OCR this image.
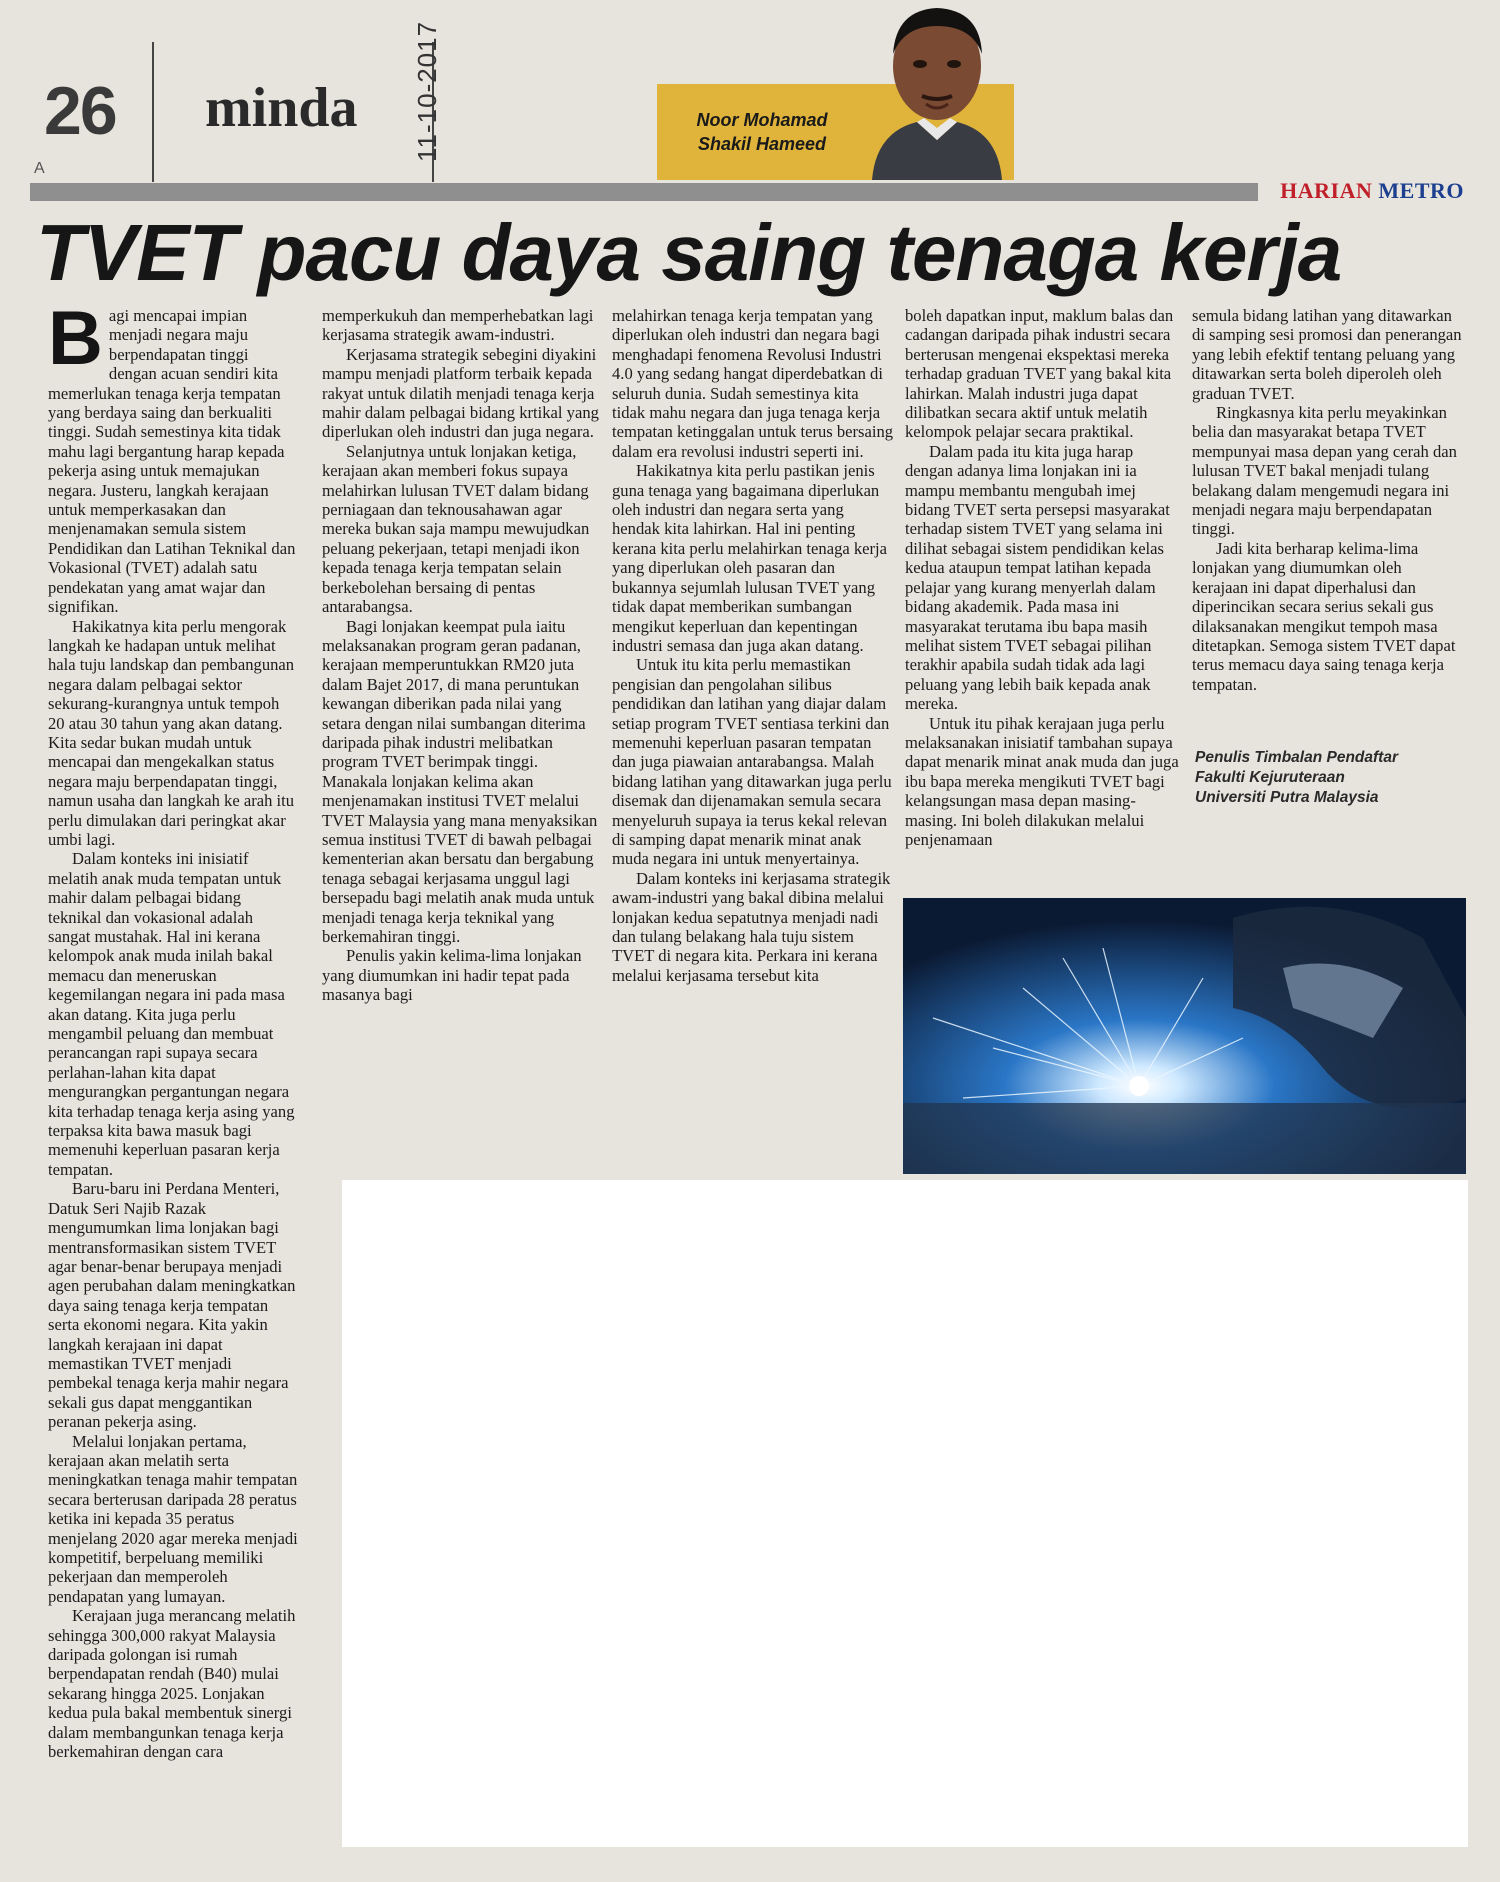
26
A
minda 11-10-2017	Noor Mohamad
Shakil Hameed
HARIAN METRO
TVET pacu daya saing tenaga kerja
B agi mencapai impian menjadi negara maju berpendapatan tinggi dengan acuan sendiri kita memerlukan tenaga kerja tempatan yang berdaya saing dan berkualiti tinggi. Sudah semestinya kita tidak mahu lagi bergantung harap kepada pekerja asing untuk memajukan negara. Justeru, langkah kerajaan untuk memperkasakan dan menjenamakan semula sistem Pendidikan dan Latihan Teknikal dan Vokasional (TVET) adalah satu pendekatan yang amat wajar dan signifikan.

Hakikatnya kita perlu mengorak langkah ke hadapan untuk melihat hala tuju landskap dan pembangunan negara dalam pelbagai sektor sekurang-kurangnya untuk tempoh 20 atau 30 tahun yang akan datang. Kita sedar bukan mudah untuk mencapai dan mengekalkan status negara maju berpendapatan tinggi, namun usaha dan langkah ke arah itu perlu dimulakan dari peringkat akar umbi lagi.

Dalam konteks ini inisiatif melatih anak muda tempatan untuk mahir dalam pelbagai bidang teknikal dan vokasional adalah sangat mustahak. Hal ini kerana kelompok anak muda inilah bakal memacu dan meneruskan kegemilangan negara ini pada masa akan datang. Kita juga perlu mengambil peluang dan membuat perancangan rapi supaya secara perlahan-lahan kita dapat mengurangkan pergantungan negara kita terhadap tenaga kerja asing yang terpaksa kita bawa masuk bagi memenuhi keperluan pasaran kerja tempatan.

Baru-baru ini Perdana Menteri, Datuk Seri Najib Razak mengumumkan lima lonjakan bagi mentransformasikan sistem TVET agar benar-benar berupaya menjadi agen perubahan dalam meningkatkan daya saing tenaga kerja tempatan serta ekonomi negara. Kita yakin langkah kerajaan ini dapat memastikan TVET menjadi pembekal tenaga kerja mahir negara sekali gus dapat menggantikan peranan pekerja asing.

Melalui lonjakan pertama, kerajaan akan melatih serta meningkatkan tenaga mahir tempatan secara berterusan daripada 28 peratus ketika ini kepada 35 peratus menjelang 2020 agar mereka menjadi kompetitif, berpeluang memiliki pekerjaan dan memperoleh pendapatan yang lumayan.

Kerajaan juga merancang melatih sehingga 300,000 rakyat Malaysia daripada golongan isi rumah berpendapatan rendah (B40) mulai sekarang hingga 2025. Lonjakan kedua pula bakal membentuk sinergi dalam membangunkan tenaga kerja berkemahiran dengan cara

memperkukuh dan memperhebatkan lagi kerjasama strategik awam-industri.

Kerjasama strategik sebegini diyakini mampu menjadi platform terbaik kepada rakyat untuk dilatih menjadi tenaga kerja mahir dalam pelbagai bidang krtikal yang diperlukan oleh industri dan juga negara.

Selanjutnya untuk lonjakan ketiga, kerajaan akan memberi fokus supaya melahirkan lulusan TVET dalam bidang perniagaan dan teknousahawan agar mereka bukan saja mampu mewujudkan peluang pekerjaan, tetapi menjadi ikon kepada tenaga kerja tempatan selain berkebolehan bersaing di pentas antarabangsa.

Bagi lonjakan keempat pula iaitu melaksanakan program geran padanan, kerajaan memperuntukkan RM20 juta dalam Bajet 2017, di mana peruntukan kewangan diberikan pada nilai yang setara dengan nilai sumbangan diterima daripada pihak industri melibatkan program TVET berimpak tinggi. Manakala lonjakan kelima akan menjenamakan institusi TVET melalui TVET Malaysia yang mana menyaksikan semua institusi TVET di bawah pelbagai kementerian akan bersatu dan bergabung tenaga sebagai kerjasama unggul lagi bersepadu bagi melatih anak muda untuk menjadi tenaga kerja teknikal yang berkemahiran tinggi.

Penulis yakin kelima-lima lonjakan yang diumumkan ini hadir tepat pada masanya bagi

melahirkan tenaga kerja tempatan yang diperlukan oleh industri dan negara bagi menghadapi fenomena Revolusi Industri 4.0 yang sedang hangat diperdebatkan di seluruh dunia. Sudah semestinya kita tidak mahu negara dan juga tenaga kerja tempatan ketinggalan untuk terus bersaing dalam era revolusi industri seperti ini.

Hakikatnya kita perlu pastikan jenis guna tenaga yang bagaimana diperlukan oleh industri dan negara serta yang hendak kita lahirkan. Hal ini penting kerana kita perlu melahirkan tenaga kerja yang diperlukan oleh pasaran dan bukannya sejumlah lulusan TVET yang tidak dapat memberikan sumbangan mengikut keperluan dan kepentingan industri semasa dan juga akan datang.

Untuk itu kita perlu memastikan pengisian dan pengolahan silibus pendidikan dan latihan yang diajar dalam setiap program TVET sentiasa terkini dan memenuhi keperluan pasaran tempatan dan juga piawaian antarabangsa. Malah bidang latihan yang ditawarkan juga perlu disemak dan dijenamakan semula secara menyeluruh supaya ia terus kekal relevan di samping dapat menarik minat anak muda negara ini untuk menyertainya.

Dalam konteks ini kerjasama strategik awam-industri yang bakal dibina melalui lonjakan kedua sepatutnya menjadi nadi dan tulang belakang hala tuju sistem TVET di negara kita. Perkara ini kerana melalui kerjasama tersebut kita

boleh dapatkan input, maklum balas dan cadangan daripada pihak industri secara berterusan mengenai ekspektasi mereka terhadap graduan TVET yang bakal kita lahirkan. Malah industri juga dapat dilibatkan secara aktif untuk melatih kelompok pelajar secara praktikal.

Dalam pada itu kita juga harap dengan adanya lima lonjakan ini ia mampu membantu mengubah imej bidang TVET serta persepsi masyarakat terhadap sistem TVET yang selama ini dilihat sebagai sistem pendidikan kelas kedua ataupun tempat latihan kepada pelajar yang kurang menyerlah dalam bidang akademik. Pada masa ini masyarakat terutama ibu bapa masih melihat sistem TVET sebagai pilihan terakhir apabila sudah tidak ada lagi peluang yang lebih baik kepada anak mereka.

Untuk itu pihak kerajaan juga perlu melaksanakan inisiatif tambahan supaya dapat menarik minat anak muda dan juga ibu bapa mereka mengikuti TVET bagi kelangsungan masa depan masing-masing. Ini boleh dilakukan melalui penjenamaan

semula bidang latihan yang ditawarkan di samping sesi promosi dan penerangan yang lebih efektif tentang peluang yang ditawarkan serta boleh diperoleh oleh graduan TVET.

Ringkasnya kita perlu meyakinkan belia dan masyarakat betapa TVET mempunyai masa depan yang cerah dan lulusan TVET bakal menjadi tulang belakang dalam mengemudi negara ini menjadi negara maju berpendapatan tinggi.

Jadi kita berharap kelima-lima lonjakan yang diumumkan oleh kerajaan ini dapat diperhalusi dan diperincikan secara serius sekali gus dilaksanakan mengikut tempoh masa ditetapkan. Semoga sistem TVET dapat terus memacu daya saing tenaga kerja tempatan.

Penulis Timbalan Pendaftar
Fakulti Kejuruteraan
Universiti Putra Malaysia
